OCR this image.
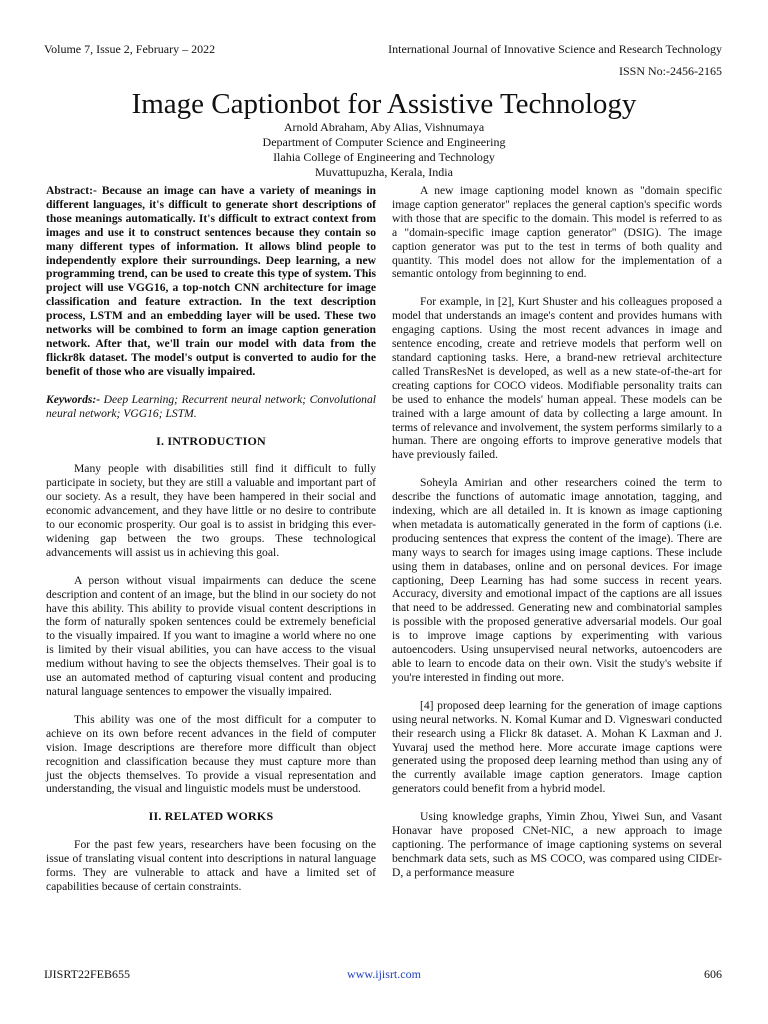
Volume 7, Issue 2, February – 2022	International Journal of Innovative Science and Research Technology
ISSN No:-2456-2165
Image Captionbot for Assistive Technology
Arnold Abraham, Aby Alias, Vishnumaya
Department of Computer Science and Engineering
Ilahia College of Engineering and Technology
Muvattupuzha, Kerala, India

Abstract:- Because an image can have a variety of meanings in different languages, it's difficult to generate short descriptions of those meanings automatically. It's difficult to extract context from images and use it to construct sentences because they contain so many different types of information. It allows blind people to independently explore their surroundings. Deep learning, a new programming trend, can be used to create this type of system. This project will use VGG16, a top-notch CNN architecture for image classification and feature extraction. In the text description process, LSTM and an embedding layer will be used. These two networks will be combined to form an image caption generation network. After that, we'll train our model with data from the flickr8k dataset. The model's output is converted to audio for the benefit of those who are visually impaired.

Keywords:- Deep Learning; Recurrent neural network; Convolutional neural network; VGG16; LSTM.

I. INTRODUCTION

Many people with disabilities still find it difficult to fully participate in society, but they are still a valuable and important part of our society. As a result, they have been hampered in their social and economic advancement, and they have little or no desire to contribute to our economic prosperity. Our goal is to assist in bridging this ever-widening gap between the two groups. These technological advancements will assist us in achieving this goal.

A person without visual impairments can deduce the scene description and content of an image, but the blind in our society do not have this ability. This ability to provide visual content descriptions in the form of naturally spoken sentences could be extremely beneficial to the visually impaired. If you want to imagine a world where no one is limited by their visual abilities, you can have access to the visual medium without having to see the objects themselves. Their goal is to use an automated method of capturing visual content and producing natural language sentences to empower the visually impaired.

This ability was one of the most difficult for a computer to achieve on its own before recent advances in the field of computer vision. Image descriptions are therefore more difficult than object recognition and classification because they must capture more than just the objects themselves. To provide a visual representation and understanding, the visual and linguistic models must be understood.

II. RELATED WORKS

For the past few years, researchers have been focusing on the issue of translating visual content into descriptions in natural language forms. They are vulnerable to attack and have a limited set of capabilities because of certain constraints.

A new image captioning model known as "domain specific image caption generator" replaces the general caption's specific words with those that are specific to the domain. This model is referred to as a "domain-specific image caption generator" (DSIG). The image caption generator was put to the test in terms of both quality and quantity. This model does not allow for the implementation of a semantic ontology from beginning to end.

For example, in [2], Kurt Shuster and his colleagues proposed a model that understands an image's content and provides humans with engaging captions. Using the most recent advances in image and sentence encoding, create and retrieve models that perform well on standard captioning tasks. Here, a brand-new retrieval architecture called TransResNet is developed, as well as a new state-of-the-art for creating captions for COCO videos. Modifiable personality traits can be used to enhance the models' human appeal. These models can be trained with a large amount of data by collecting a large amount. In terms of relevance and involvement, the system performs similarly to a human. There are ongoing efforts to improve generative models that have previously failed.

Soheyla Amirian and other researchers coined the term to describe the functions of automatic image annotation, tagging, and indexing, which are all detailed in. It is known as image captioning when metadata is automatically generated in the form of captions (i.e. producing sentences that express the content of the image). There are many ways to search for images using image captions. These include using them in databases, online and on personal devices. For image captioning, Deep Learning has had some success in recent years. Accuracy, diversity and emotional impact of the captions are all issues that need to be addressed. Generating new and combinatorial samples is possible with the proposed generative adversarial models. Our goal is to improve image captions by experimenting with various autoencoders. Using unsupervised neural networks, autoencoders are able to learn to encode data on their own. Visit the study's website if you're interested in finding out more.

[4] proposed deep learning for the generation of image captions using neural networks. N. Komal Kumar and D. Vigneswari conducted their research using a Flickr 8k dataset. A. Mohan K Laxman and J. Yuvaraj used the method here. More accurate image captions were generated using the proposed deep learning method than using any of the currently available image caption generators. Image caption generators could benefit from a hybrid model.

Using knowledge graphs, Yimin Zhou, Yiwei Sun, and Vasant Honavar have proposed CNet-NIC, a new approach to image captioning. The performance of image captioning systems on several benchmark data sets, such as MS COCO, was compared using CIDEr-D, a performance measure

IJISRT22FEB655	www.ijisrt.com	606
